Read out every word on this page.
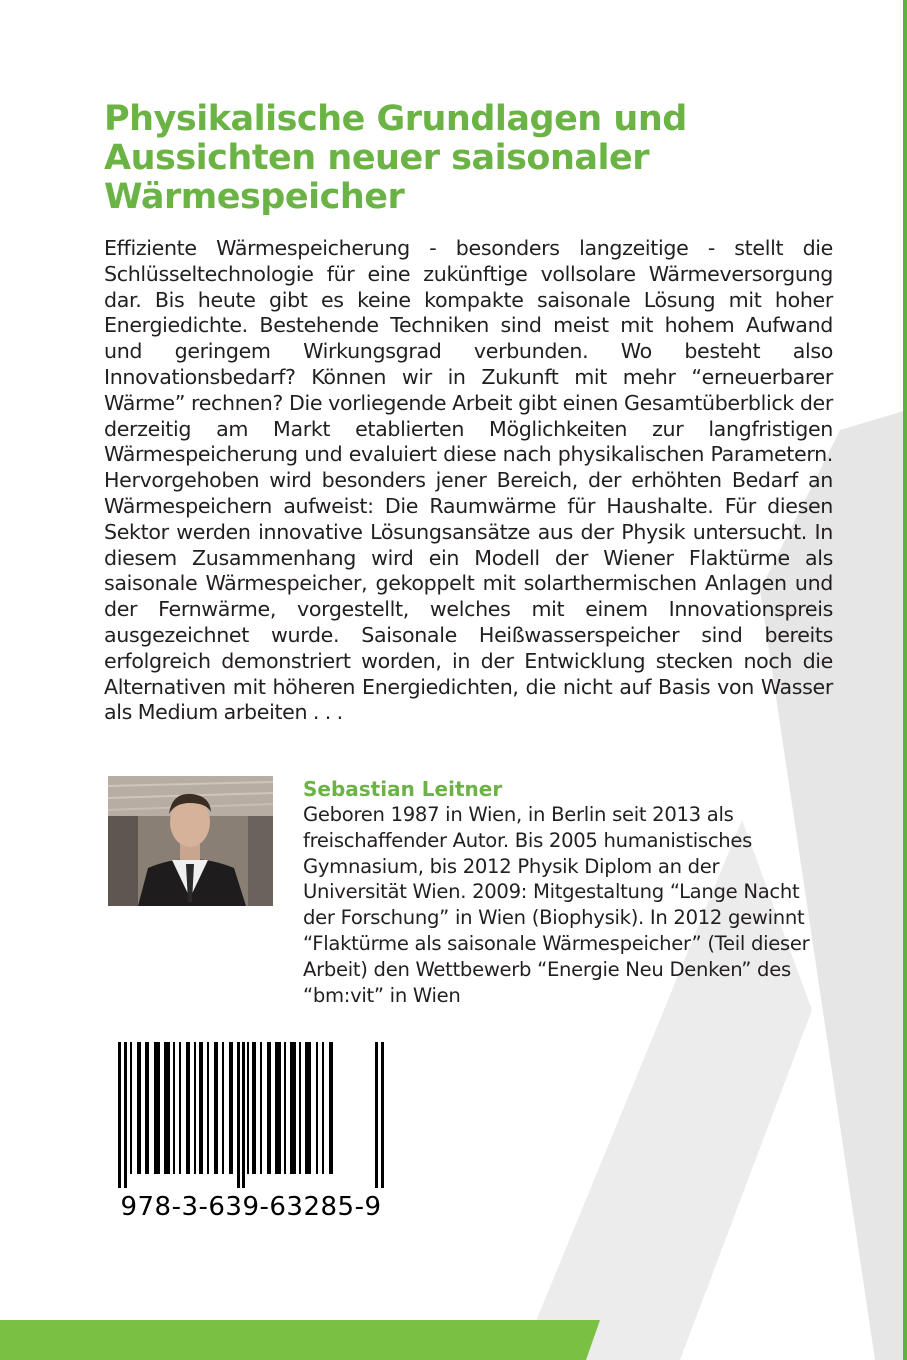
Physikalische Grundlagen und Aussichten neuer saisonaler Wärmespeicher

Effiziente Wärmespeicherung - besonders langzeitige - stellt die Schlüsseltechnologie für eine zukünftige vollsolare Wärmeversorgung dar. Bis heute gibt es keine kompakte saisonale Lösung mit hoher Energiedichte. Bestehende Techniken sind meist mit hohem Aufwand und geringem Wirkungsgrad verbunden. Wo besteht also Innovationsbedarf? Können wir in Zukunft mit mehr “erneuerbarer Wärme” rechnen? Die vorliegende Arbeit gibt einen Gesamtüberblick der derzeitig am Markt etablierten Möglichkeiten zur langfristigen Wärmespeicherung und evaluiert diese nach physikalischen Parametern. Hervorgehoben wird besonders jener Bereich, der erhöhten Bedarf an Wärmespeichern aufweist: Die Raumwärme für Haushalte. Für diesen Sektor werden innovative Lösungsansätze aus der Physik untersucht. In diesem Zusammenhang wird ein Modell der Wiener Flaktürme als saisonale Wärmespeicher, gekoppelt mit solarthermischen Anlagen und der Fernwärme, vorgestellt, welches mit einem Innovationspreis ausgezeichnet wurde. Saisonale Heißwasserspeicher sind bereits erfolgreich demonstriert worden, in der Entwicklung stecken noch die Alternativen mit höheren Energiedichten, die nicht auf Basis von Wasser als Medium arbeiten . . .

Sebastian Leitner

Geboren 1987 in Wien, in Berlin seit 2013 als freischaffender Autor. Bis 2005 humanistisches Gymnasium, bis 2012 Physik Diplom an der Universität Wien. 2009: Mitgestaltung “Lange Nacht der Forschung” in Wien (Biophysik). In 2012 gewinnt “Flaktürme als saisonale Wärmespeicher” (Teil dieser Arbeit) den Wettbewerb “Energie Neu Denken” des “bm:vit” in Wien

978-3-639-63285-9
